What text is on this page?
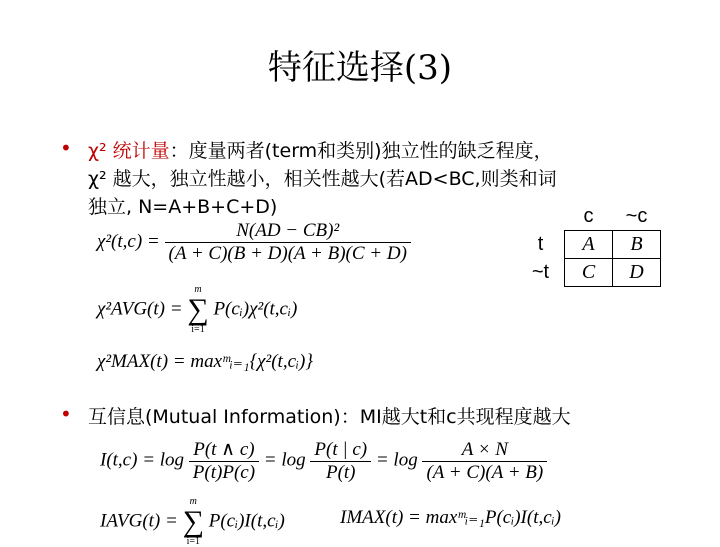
特征选择(3)
• χ² 统计量：度量两者(term和类别)独立性的缺乏程度，
χ² 越大，独立性越小，相关性越大(若AD<BC,则类和词
独立, N=A+B+C+D)
		c	~c
t	A	B
~t	C	D
$\chi^2(t,c) = \frac{\text{N(AD − CB)²}}{(A + C)(B + D)(A + B)(C + D)}$
χ²AVG(t) =
m
∑
i=1
P(cᵢ)χ²(t,cᵢ)
χ²MAX(t) = maxᵐᵢ₌₁{χ²(t,cᵢ)}
• 互信息(Mutual Information)：MI越大t和c共现程度越大
$I(t,c) = \log \frac{P(t \wedge c)}{P(t)P(c)} = \log \frac{P(t | c)}{P(t)} = \log \frac{A \times N}{(A + C)(A + B)}$
IAVG(t) =
m
∑
i=1
P(cᵢ)I(t,cᵢ)	IMAX(t) = maxᵐᵢ₌₁P(cᵢ)I(t,cᵢ)
